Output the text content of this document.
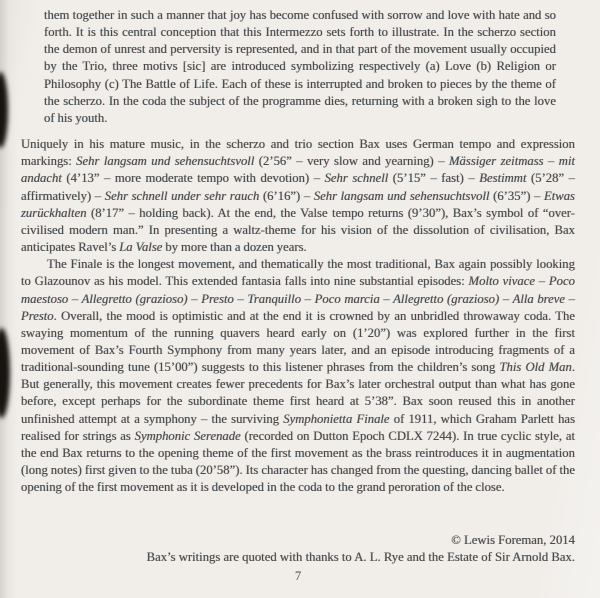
them together in such a manner that joy has become confused with sorrow and love with hate and so forth. It is this central conception that this Intermezzo sets forth to illustrate. In the scherzo section the demon of unrest and perversity is represented, and in that part of the movement usually occupied by the Trio, three motivs [sic] are introduced symbolizing respectively (a) Love (b) Religion or Philosophy (c) The Battle of Life. Each of these is interrupted and broken to pieces by the theme of the scherzo. In the coda the subject of the programme dies, returning with a broken sigh to the love of his youth.

Uniquely in his mature music, in the scherzo and trio section Bax uses German tempo and expression markings: Sehr langsam und sehensuchtsvoll (2’56” – very slow and yearning) – Mässiger zeitmass – mit andacht (4’13” – more moderate tempo with devotion) – Sehr schnell (5’15” – fast) – Bestimmt (5’28” – affirmatively) – Sehr schnell under sehr rauch (6’16”) – Sehr langsam und sehensuchtsvoll (6’35”) – Etwas zurückhalten (8’17” – holding back). At the end, the Valse tempo returns (9’30”), Bax’s symbol of “over-civilised modern man.” In presenting a waltz-theme for his vision of the dissolution of civilisation, Bax anticipates Ravel’s La Valse by more than a dozen years.

The Finale is the longest movement, and thematically the most traditional, Bax again possibly looking to Glazounov as his model. This extended fantasia falls into nine substantial episodes: Molto vivace – Poco maestoso – Allegretto (grazioso) – Presto – Tranquillo – Poco marcia – Allegretto (grazioso) – Alla breve – Presto. Overall, the mood is optimistic and at the end it is crowned by an unbridled throwaway coda. The swaying momentum of the running quavers heard early on (1’20”) was explored further in the first movement of Bax’s Fourth Symphony from many years later, and an episode introducing fragments of a traditional-sounding tune (15’00”) suggests to this listener phrases from the children’s song This Old Man. But generally, this movement creates fewer precedents for Bax’s later orchestral output than what has gone before, except perhaps for the subordinate theme first heard at 5’38”. Bax soon reused this in another unfinished attempt at a symphony – the surviving Symphonietta Finale of 1911, which Graham Parlett has realised for strings as Symphonic Serenade (recorded on Dutton Epoch CDLX 7244). In true cyclic style, at the end Bax returns to the opening theme of the first movement as the brass reintroduces it in augmentation (long notes) first given to the tuba (20’58”). Its character has changed from the questing, dancing ballet of the opening of the first movement as it is developed in the coda to the grand peroration of the close.

© Lewis Foreman, 2014
Bax’s writings are quoted with thanks to A. L. Rye and the Estate of Sir Arnold Bax.
7
